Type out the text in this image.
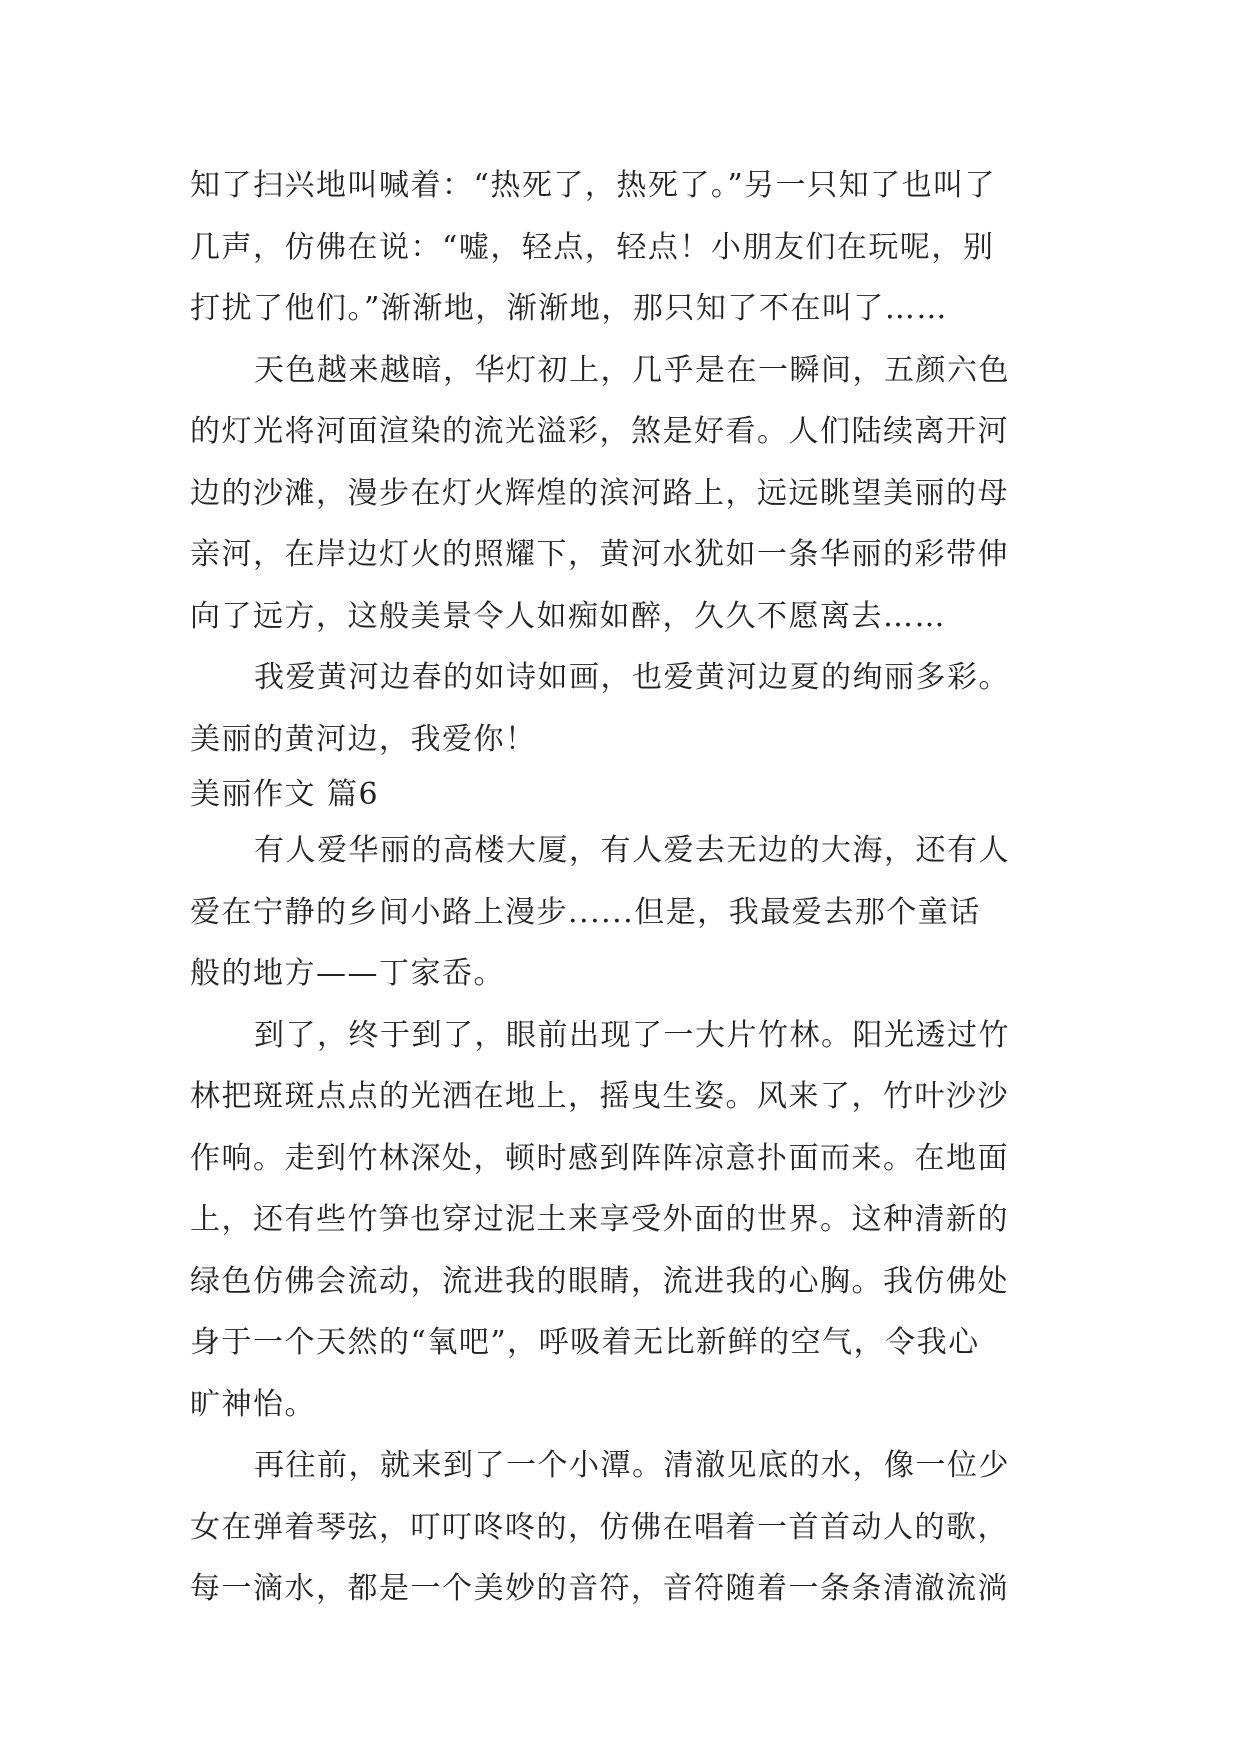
知了扫兴地叫喊着：“热死了，热死了。”另一只知了也叫了
几声，仿佛在说：“嘘，轻点，轻点！小朋友们在玩呢，别
打扰了他们。”渐渐地，渐渐地，那只知了不在叫了……
天色越来越暗，华灯初上，几乎是在一瞬间，五颜六色
的灯光将河面渲染的流光溢彩，煞是好看。人们陆续离开河
边的沙滩，漫步在灯火辉煌的滨河路上，远远眺望美丽的母
亲河，在岸边灯火的照耀下，黄河水犹如一条华丽的彩带伸
向了远方，这般美景令人如痴如醉，久久不愿离去……
我爱黄河边春的如诗如画，也爱黄河边夏的绚丽多彩。
美丽的黄河边，我爱你！
美丽作文 篇6
有人爱华丽的高楼大厦，有人爱去无边的大海，还有人
爱在宁静的乡间小路上漫步......但是，我最爱去那个童话
般的地方——丁家岙。
到了，终于到了，眼前出现了一大片竹林。阳光透过竹
林把斑斑点点的光洒在地上，摇曳生姿。风来了，竹叶沙沙
作响。走到竹林深处，顿时感到阵阵凉意扑面而来。在地面
上，还有些竹笋也穿过泥土来享受外面的世界。这种清新的
绿色仿佛会流动，流进我的眼睛，流进我的心胸。我仿佛处
身于一个天然的“氧吧”，呼吸着无比新鲜的空气，令我心
旷神怡。
再往前，就来到了一个小潭。清澈见底的水，像一位少
女在弹着琴弦，叮叮咚咚的，仿佛在唱着一首首动人的歌，
每一滴水，都是一个美妙的音符，音符随着一条条清澈流淌
